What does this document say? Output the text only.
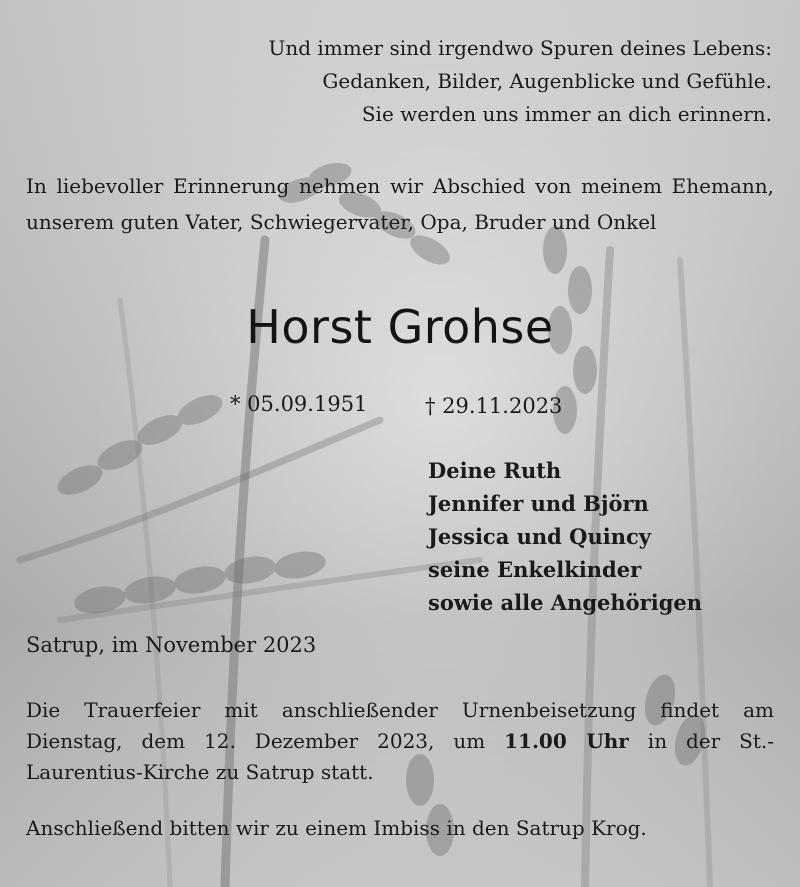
Und immer sind irgendwo Spuren deines Lebens:
Gedanken, Bilder, Augenblicke und Gefühle.
Sie werden uns immer an dich erinnern.

In liebevoller Erinnerung nehmen wir Abschied von meinem Ehemann, unserem guten Vater, Schwiegervater, Opa, Bruder und Onkel

Horst Grohse
* 05.09.1951	† 29.11.2023
Deine Ruth
Jennifer und Björn
Jessica und Quincy
seine Enkelkinder
sowie alle Angehörigen
Satrup, im November 2023
Die Trauerfeier mit anschließender Urnenbeisetzung findet am
Dienstag, dem 12. Dezember 2023, um 11.00 Uhr in der St.-
Laurentius-Kirche zu Satrup statt.
Anschließend bitten wir zu einem Imbiss in den Satrup Krog.
